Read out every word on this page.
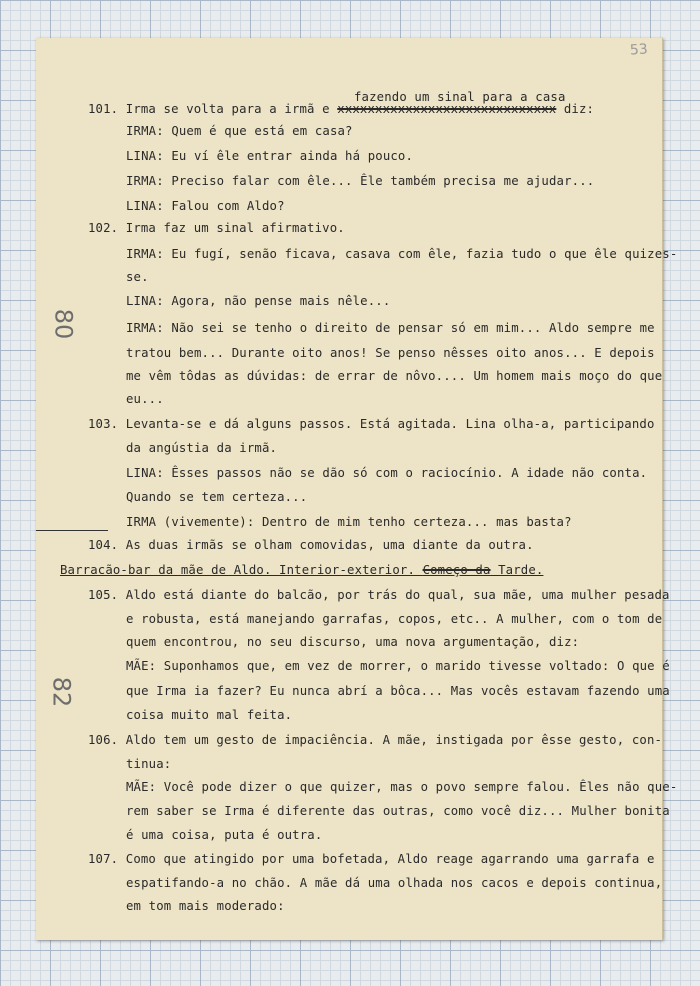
53
80
82
fazendo um sinal para a casa
101. Irma se volta para a irmã e xxxxxxxxxxxxxxxxxxxxxxxxxxxxx diz:
IRMA: Quem é que está em casa?
LINA: Eu ví êle entrar ainda há pouco.
IRMA: Preciso falar com êle... Êle também precisa me ajudar...
LINA: Falou com Aldo?
102. Irma faz um sinal afirmativo.
IRMA: Eu fugí, senão ficava, casava com êle, fazia tudo o que êle quizes-
se.
LINA: Agora, não pense mais nêle...
IRMA: Não sei se tenho o direito de pensar só em mim... Aldo sempre me
tratou bem... Durante oito anos! Se penso nêsses oito anos... E depois
me vêm tôdas as dúvidas: de errar de nôvo.... Um homem mais moço do que
eu...
103. Levanta-se e dá alguns passos. Está agitada. Lina olha-a, participando
da angústia da irmã.
LINA: Êsses passos não se dão só com o raciocínio. A idade não conta.
Quando se tem certeza...
IRMA (vivemente): Dentro de mim tenho certeza... mas basta?
104. As duas irmãs se olham comovidas, uma diante da outra.
Barracão-bar da mãe de Aldo. Interior-exterior. Começo da Tarde.
105. Aldo está diante do balcão, por trás do qual, sua mãe, uma mulher pesada
e robusta, está manejando garrafas, copos, etc.. A mulher, com o tom de
quem encontrou, no seu discurso, uma nova argumentação, diz:
MÃE: Suponhamos que, em vez de morrer, o marido tivesse voltado: O que é
que Irma ia fazer? Eu nunca abrí a bôca... Mas vocês estavam fazendo uma
coisa muito mal feita.
106. Aldo tem um gesto de impaciência. A mãe, instigada por êsse gesto, con-
tinua:
MÃE: Você pode dizer o que quizer, mas o povo sempre falou. Êles não que-
rem saber se Irma é diferente das outras, como você diz... Mulher bonita
é uma coisa, puta é outra.
107. Como que atingido por uma bofetada, Aldo reage agarrando uma garrafa e
espatifando-a no chão. A mãe dá uma olhada nos cacos e depois continua,
em tom mais moderado:
